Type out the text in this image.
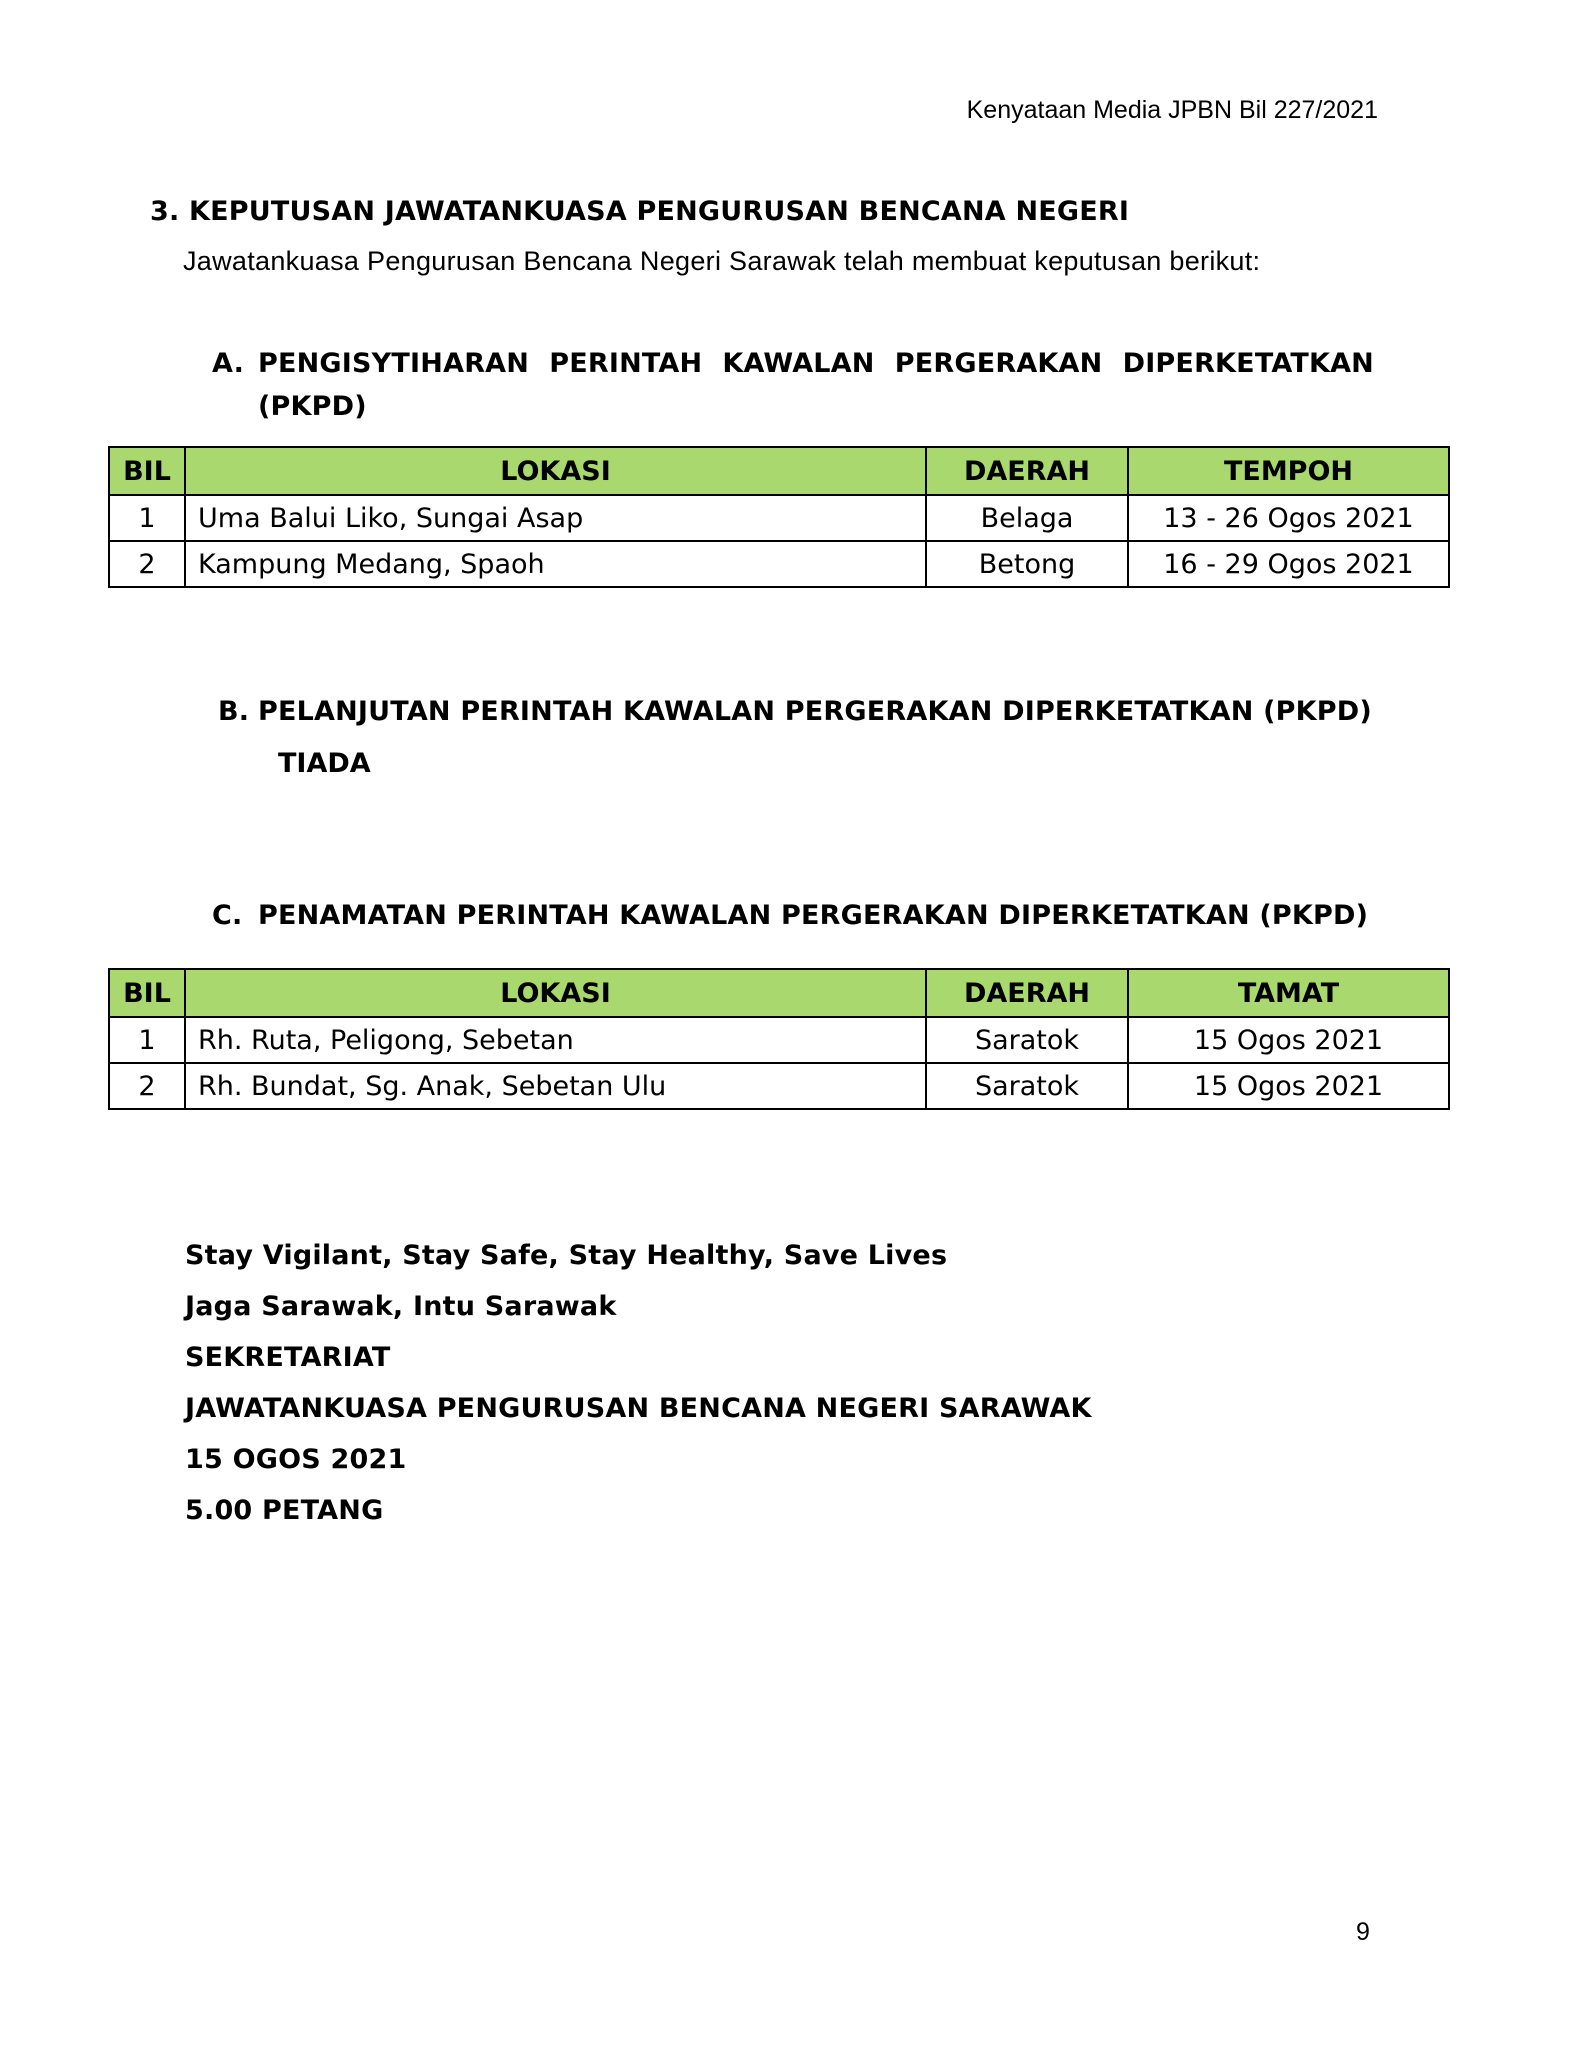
Kenyataan Media JPBN Bil 227/2021
3. KEPUTUSAN JAWATANKUASA PENGURUSAN BENCANA NEGERI
Jawatankuasa Pengurusan Bencana Negeri Sarawak telah membuat keputusan berikut:
A. PENGISYTIHARAN PERINTAH KAWALAN PERGERAKAN DIPERKETATKAN
(PKPD)
BIL	LOKASI	DAERAH	TEMPOH
1	Uma Balui Liko, Sungai Asap	Belaga	13 - 26 Ogos 2021
2	Kampung Medang, Spaoh	Betong	16 - 29 Ogos 2021
B. PELANJUTAN PERINTAH KAWALAN PERGERAKAN DIPERKETATKAN (PKPD)
TIADA
C. PENAMATAN PERINTAH KAWALAN PERGERAKAN DIPERKETATKAN (PKPD)
BIL	LOKASI	DAERAH	TAMAT
1	Rh. Ruta, Peligong, Sebetan	Saratok	15 Ogos 2021
2	Rh. Bundat, Sg. Anak, Sebetan Ulu	Saratok	15 Ogos 2021
Stay Vigilant, Stay Safe, Stay Healthy, Save Lives
Jaga Sarawak, Intu Sarawak
SEKRETARIAT
JAWATANKUASA PENGURUSAN BENCANA NEGERI SARAWAK
15 OGOS 2021
5.00 PETANG
9
